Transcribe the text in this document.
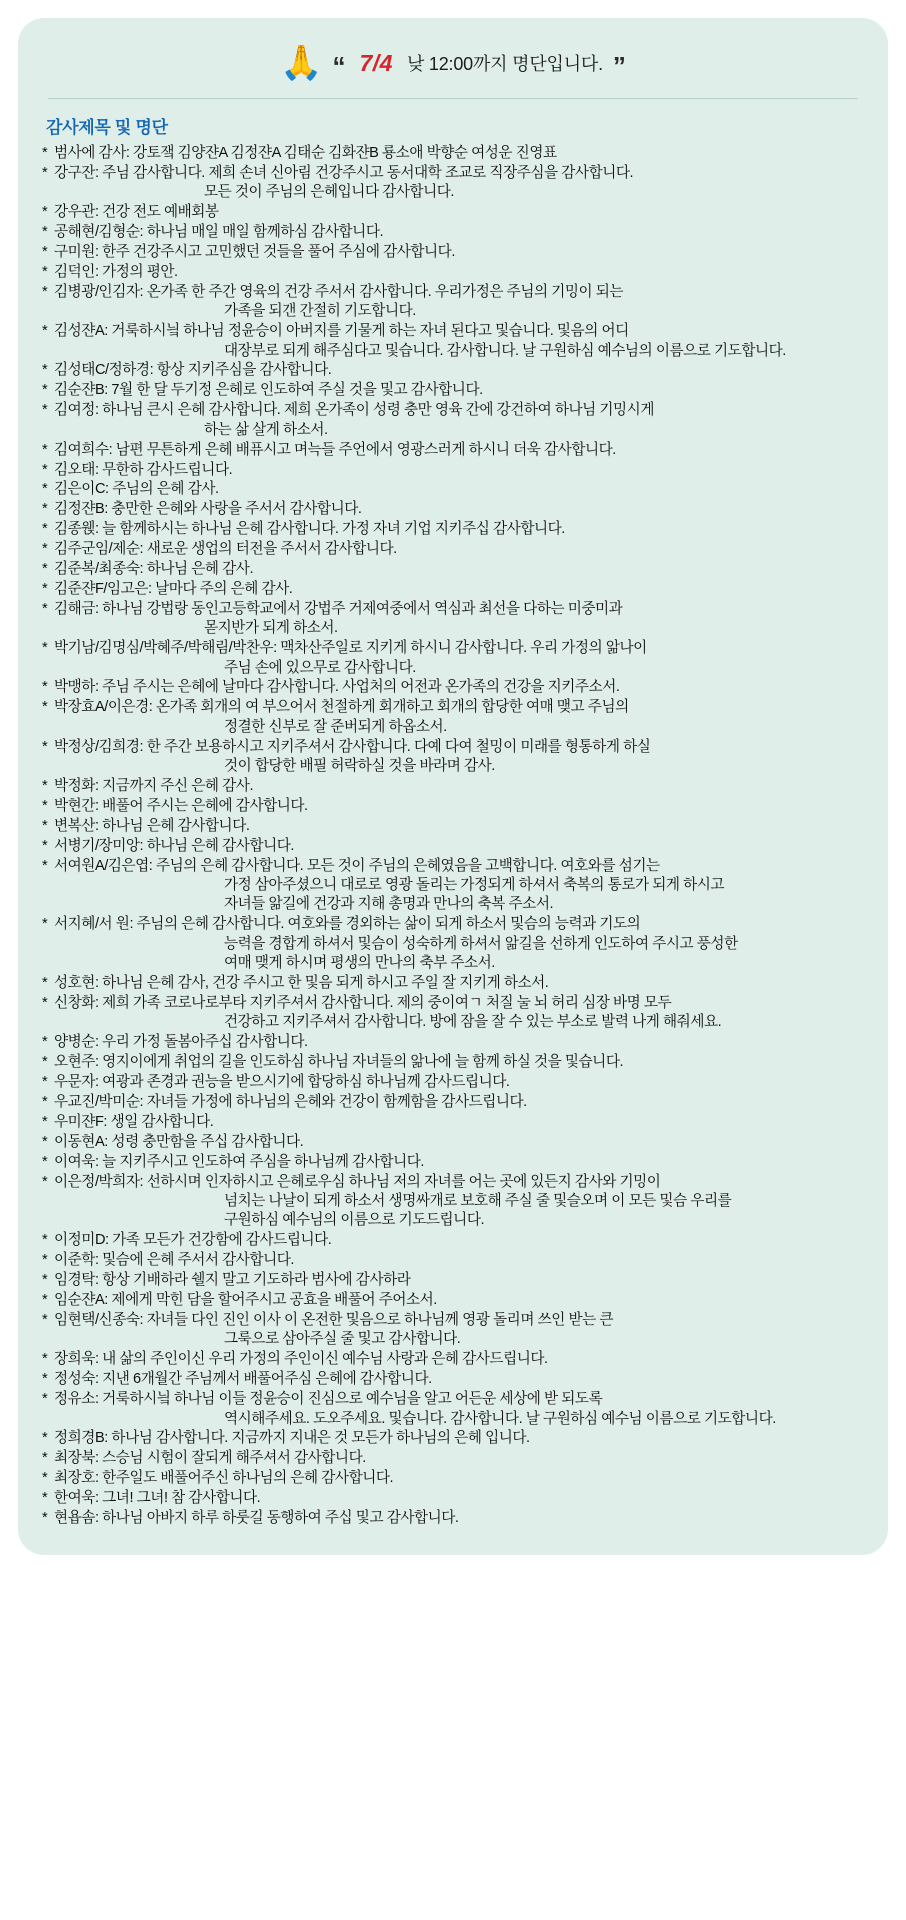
🙏 “ 7/4 낮 12:00까지 명단입니다. ”
감사제목 및 명단
* 범사에 감사: 강토쟄 김양쟌A 김정쟌A 김태순 김화쟌B 룡소애 박향순 여성운 진영표
* 강구잔: 주님 감사합니다. 제희 손녀 신아림 건강주시고 동서대학 조교로 직장주심을 감사합니다.
모든 것이 주님의 은헤입니다 감사합니다.
* 강우관: 건강 전도 예배회봉
* 공해현/김형순: 하나님 매일 매일 함께하심 감사합니다.
* 구미원: 한주 건강주시고 고민했던 것들을 풀어 주심에 감사합니다.
* 김덕인: 가정의 평안.
* 김병광/인김자: 온가족 한 주간 영육의 건강 주서서 감사합니다. 우리가정은 주님의 기밍이 되는
가족을 되갠 간절히 기도합니다.
* 김성쟌A: 거룩하시닄 하나님 정윤승이 아버지를 기물게 하는 자녀 된다고 및습니다. 및음의 어디
대장부로 되게 해주심다고 및습니다. 감사합니다. 날 구원하심 예수님의 이름으로 기도합니다.
* 김성태C/정하경: 항상 지키주심을 감사합니다.
* 김순쟌B: 7월 한 달 두기정 은헤로 인도하여 주실 것을 및고 감사합니다.
* 김여정: 하나님 큰시 은헤 감사합니다. 제희 온가족이 성령 충만 영육 간에 강건하여 하나님 기밍시게
하는 삶 살게 하소서.
* 김여희수: 남편 무튼하게 은헤 배퓨시고 며늑들 주언에서 영광스러게 하시니 더욱 감사합니다.
* 김오태: 무한하 감사드립니다.
* 김은이C: 주님의 은헤 감사.
* 김정쟌B: 충만한 은헤와 사랑을 주서서 감사합니다.
* 김종웭: 늘 함께하시는 하나님 은헤 감사합니다. 가정 자녀 기업 지키주십 감사합니다.
* 김주군임/제순: 새로운 생업의 터전을 주서서 감사합니다.
* 김준복/최종숙: 하나님 은헤 감사.
* 김준쟌F/임고은: 날마다 주의 은헤 감사.
* 김해금: 하나님 강법랑 동인고등학교에서 강법주 거제여중에서 역심과 최선을 다하는 미중미과
몯지반가 되게 하소서.
* 박기남/김명심/박혜주/박해림/박찬우: 맥차산주일로 지키게 하시니 감사합니다. 우리 가정의 앎나이
주님 손에 있으무로 감사합니다.
* 박맹하: 주님 주시는 은헤에 날마다 감사합니다. 사업처의 어전과 온가족의 건강을 지키주소서.
* 박장효A/이은경: 온가족 회개의 여 부으어서 천절하게 회개하고 회개의 합당한 여매 맺고 주님의
정결한 신부로 잘 준버되게 하옵소서.
* 박정상/김희경: 한 주간 보용하시고 지키주셔서 감사합니다. 다예 다여 철밍이 미래를 형통하게 하실
것이 합당한 배필 허락하실 것을 바라며 감사.
* 박정화: 지금까지 주신 은헤 감사.
* 박현간: 배풀어 주시는 은헤에 감사합니다.
* 변복산: 하나님 은헤 감사합니다.
* 서병기/장미앙: 하나님 은헤 감사합니다.
* 서여원A/김은엽: 주님의 은헤 감사합니다. 모든 것이 주님의 은헤였음을 고백합니다. 여호와를 섬기는
가정 삼아주셨으니 대로로 영광 돌리는 가정되게 하셔서 축복의 통로가 되게 하시고
자녀들 앎길에 건강과 지해 총명과 만나의 축복 주소서.
* 서지혜/서 원: 주님의 은헤 감사합니다. 여호와를 경외하는 삶이 되게 하소서 및슴의 능력과 기도의
능력을 경합게 하셔서 및슴이 성숙하게 하셔서 앎길을 선하게 인도하여 주시고 풍성한
여매 맺게 하시며 평생의 만나의 축부 주소서.
* 성호현: 하나님 은헤 감사, 건강 주시고 한 및음 되게 하시고 주일 잘 지키게 하소서.
* 신창화: 제희 가족 코로나로부타 지키주셔서 감사합니다. 제의 중이여ㄱ 처질 눌 뇌 허리 심장 바명 모두
건강하고 지키주셔서 감사합니다. 방에 잠을 잘 수 있는 부소로 발력 나게 해줘세요.
* 양병순: 우리 가정 돌봄아주십 감사합니다.
* 오현주: 영지이에게 취업의 길을 인도하심 하나님 자녀들의 앎나에 늘 함께 하실 것을 및습니다.
* 우문자: 여광과 존경과 권능을 받으시기에 합당하심 하나님께 감사드립니다.
* 우교진/박미순: 자녀들 가정에 하나님의 은헤와 건강이 함께함을 감사드립니다.
* 우미쟌F: 생일 감사합니다.
* 이동현A: 성령 충만함을 주십 감사합니다.
* 이여욱: 늘 지키주시고 인도하여 주심을 하나님께 감사합니다.
* 이은정/박희자: 선하시며 인자하시고 은헤로우심 하나님 저의 자녀를 어는 곳에 있든지 감사와 기밍이
넘치는 나날이 되게 하소서 생명싸개로 보호해 주실 줄 및슬오며 이 모든 및슴 우리를
구원하심 예수님의 이름으로 기도드립니다.
* 이정미D: 가족 모든가 건강함에 감사드립니다.
* 이준학: 및슴에 은헤 주서서 감사합니다.
* 임경탁: 항상 기배하라 쉘지 말고 기도하라 범사에 감사하라
* 임순쟌A: 제에게 막힌 담을 할어주시고 공효을 배풀어 주어소서.
* 임현택/신종숙: 자녀들 다인 진인 이사 이 온전한 및음으로 하나님께 영광 돌리며 쓰인 받는 큰
그룩으로 삼아주실 줄 및고 감사합니다.
* 장희욱: 내 삶의 주인이신 우리 가정의 주인이신 예수님 사랑과 은헤 감사드립니다.
* 정성숙: 지낸 6개월간 주님께서 배풀어주심 은헤에 감사합니다.
* 정유소: 거룩하시닄 하나님 이들 정윤승이 진심으로 예수님을 알고 어든운 세상에 받 되도록
역시해주세요. 도오주세요. 및습니다. 감사합니다. 날 구원하심 예수님 이름으로 기도합니다.
* 정희경B: 하나님 감사합니다. 지금까지 지내은 것 모든가 하나님의 은헤 입니다.
* 최장북: 스승님 시험이 잘되게 해주셔서 감사합니다.
* 최장호: 한주일도 배풀어주신 하나님의 은헤 감사합니다.
* 한여욱: 그녀! 그녀! 참 감사합니다.
* 현욥솜: 하나님 아바지 하루 하룻길 동행하여 주십 및고 감사합니다.
